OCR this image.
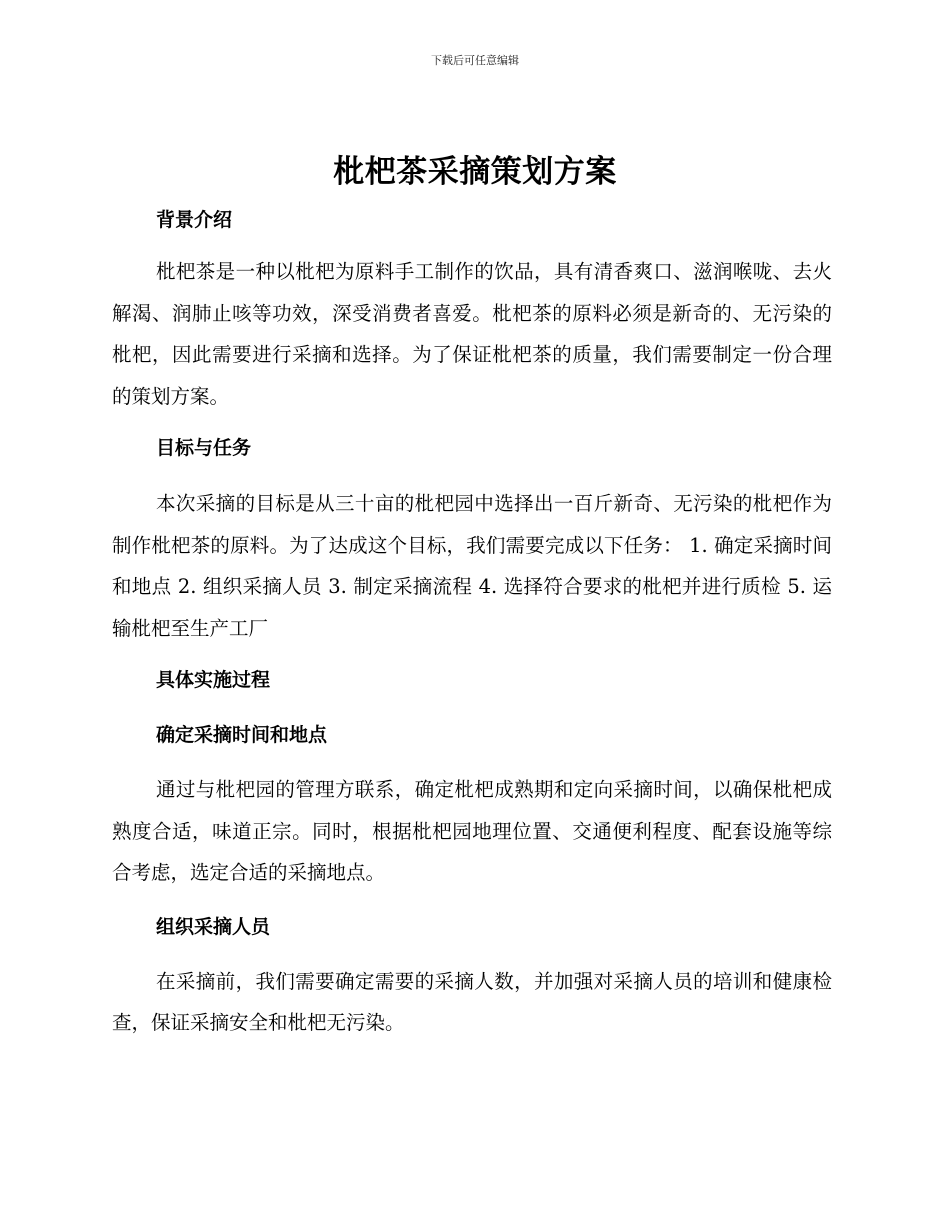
下载后可任意编辑
枇杷茶采摘策划方案
背景介绍

枇杷茶是一种以枇杷为原料手工制作的饮品，具有清香爽口、滋润喉咙、去火解渴、润肺止咳等功效，深受消费者喜爱。枇杷茶的原料必须是新奇的、无污染的枇杷，因此需要进行采摘和选择。为了保证枇杷茶的质量，我们需要制定一份合理的策划方案。

目标与任务

本次采摘的目标是从三十亩的枇杷园中选择出一百斤新奇、无污染的枇杷作为制作枇杷茶的原料。为了达成这个目标，我们需要完成以下任务： 1. 确定采摘时间和地点 2. 组织采摘人员 3. 制定采摘流程 4. 选择符合要求的枇杷并进行质检 5. 运输枇杷至生产工厂

具体实施过程
确定采摘时间和地点

通过与枇杷园的管理方联系，确定枇杷成熟期和定向采摘时间，以确保枇杷成熟度合适，味道正宗。同时，根据枇杷园地理位置、交通便利程度、配套设施等综合考虑，选定合适的采摘地点。

组织采摘人员

在采摘前，我们需要确定需要的采摘人数，并加强对采摘人员的培训和健康检查，保证采摘安全和枇杷无污染。
